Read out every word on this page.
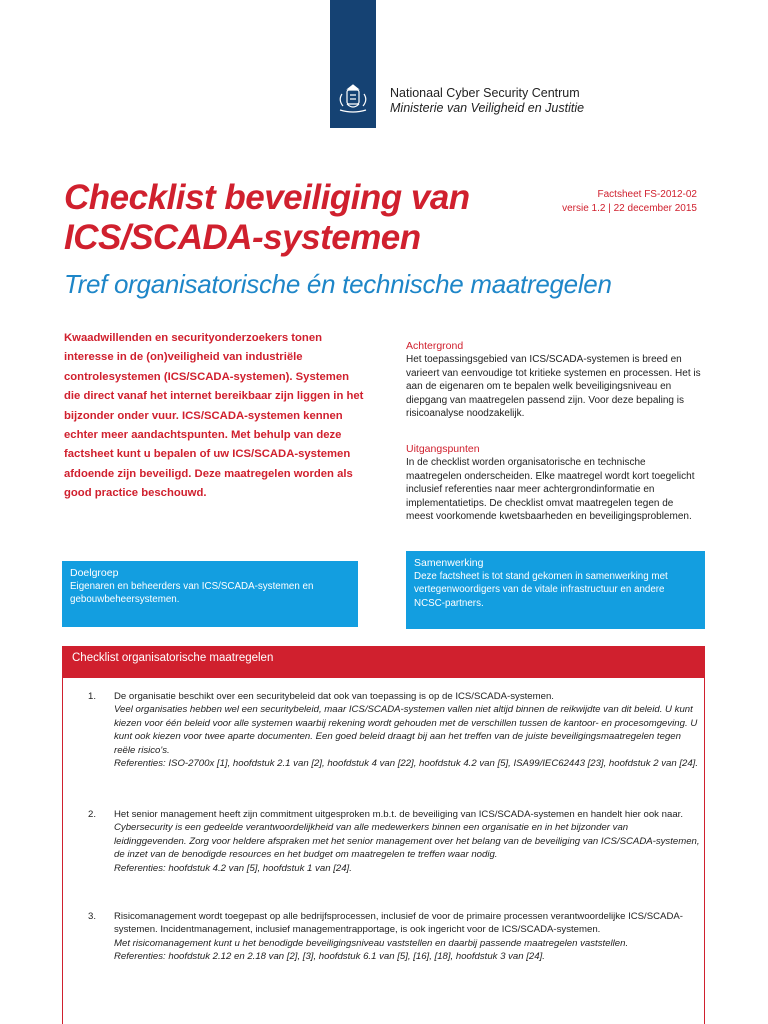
Nationaal Cyber Security Centrum
Ministerie van Veiligheid en Justitie
Checklist beveiliging van
ICS/SCADA-systemen
Tref organisatorische én technische maatregelen
Factsheet FS-2012-02
versie 1.2 | 22 december 2015
Kwaadwillenden en securityonderzoekers tonen interesse in de (on)veiligheid van industriële controlesystemen (ICS/SCADA-systemen). Systemen die direct vanaf het internet bereikbaar zijn liggen in het bijzonder onder vuur. ICS/SCADA-systemen kennen echter meer aandachtspunten. Met behulp van deze factsheet kunt u bepalen of uw ICS/SCADA-systemen afdoende zijn beveiligd. Deze maatregelen worden als good practice beschouwd.
Achtergrond

Het toepassingsgebied van ICS/SCADA-systemen is breed en varieert van eenvoudige tot kritieke systemen en processen. Het is aan de eigenaren om te bepalen welk beveiligingsniveau en diepgang van maatregelen passend zijn. Voor deze bepaling is risicoanalyse noodzakelijk.

Uitgangspunten

In de checklist worden organisatorische en technische maatregelen onderscheiden. Elke maatregel wordt kort toegelicht inclusief referenties naar meer achtergrondinformatie en implementatietips. De checklist omvat maatregelen tegen de meest voorkomende kwetsbaarheden en beveiligingsproblemen.

Doelgroep
Eigenaren en beheerders van ICS/SCADA-systemen en gebouwbeheersystemen.
Samenwerking
Deze factsheet is tot stand gekomen in samenwerking met vertegenwoordigers van de vitale infrastructuur en andere NCSC-partners.
Checklist organisatorische maatregelen
1.	De organisatie beschikt over een securitybeleid dat ook van toepassing is op de ICS/SCADA-systemen.

Veel organisaties hebben wel een securitybeleid, maar ICS/SCADA-systemen vallen niet altijd binnen de reikwijdte van dit beleid. U kunt kiezen voor één beleid voor alle systemen waarbij rekening wordt gehouden met de verschillen tussen de kantoor- en procesomgeving. U kunt ook kiezen voor twee aparte documenten. Een goed beleid draagt bij aan het treffen van de juiste beveiligingsmaatregelen tegen reële risico's.

Referenties: ISO-2700x [1], hoofdstuk 2.1 van [2], hoofdstuk 4 van [22], hoofdstuk 4.2 van [5], ISA99/IEC62443 [23], hoofdstuk 2 van [24].

2.	Het senior management heeft zijn commitment uitgesproken m.b.t. de beveiliging van ICS/SCADA-systemen en handelt hier ook naar.

Cybersecurity is een gedeelde verantwoordelijkheid van alle medewerkers binnen een organisatie en in het bijzonder van leidinggevenden. Zorg voor heldere afspraken met het senior management over het belang van de beveiliging van ICS/SCADA-systemen, de inzet van de benodigde resources en het budget om maatregelen te treffen waar nodig.

Referenties: hoofdstuk 4.2 van [5], hoofdstuk 1 van [24].

3.	Risicomanagement wordt toegepast op alle bedrijfsprocessen, inclusief de voor de primaire processen verantwoordelijke ICS/SCADA-systemen. Incidentmanagement, inclusief managementrapportage, is ook ingericht voor de ICS/SCADA-systemen.

Met risicomanagement kunt u het benodigde beveiligingsniveau vaststellen en daarbij passende maatregelen vaststellen.

Referenties: hoofdstuk 2.12 en 2.18 van [2], [3], hoofdstuk 6.1 van [5], [16], [18], hoofdstuk 3 van [24].
